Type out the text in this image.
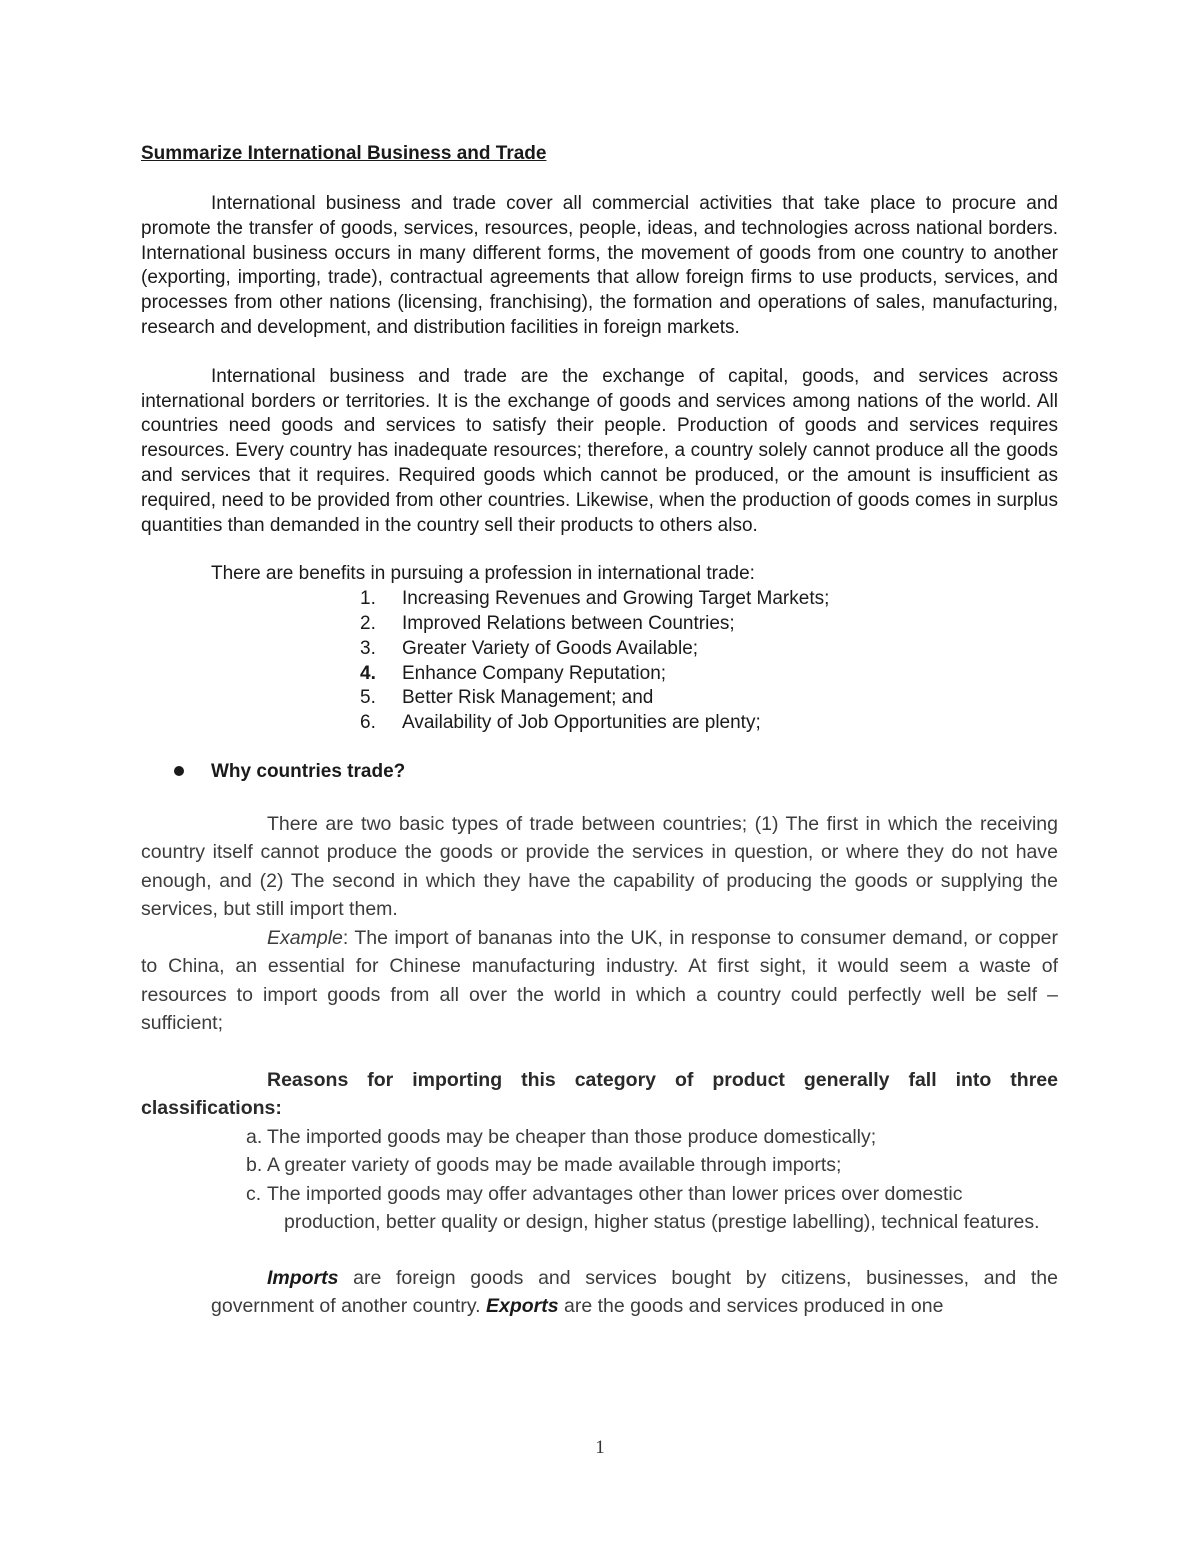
Summarize International Business and Trade

International business and trade cover all commercial activities that take place to procure and promote the transfer of goods, services, resources, people, ideas, and technologies across national borders. International business occurs in many different forms, the movement of goods from one country to another (exporting, importing, trade), contractual agreements that allow foreign firms to use products, services, and processes from other nations (licensing, franchising), the formation and operations of sales, manufacturing, research and development, and distribution facilities in foreign markets.

International business and trade are the exchange of capital, goods, and services across international borders or territories. It is the exchange of goods and services among nations of the world. All countries need goods and services to satisfy their people. Production of goods and services requires resources. Every country has inadequate resources; therefore, a country solely cannot produce all the goods and services that it requires. Required goods which cannot be produced, or the amount is insufficient as required, need to be provided from other countries. Likewise, when the production of goods comes in surplus quantities than demanded in the country sell their products to others also.

There are benefits in pursuing a profession in international trade:
1. Increasing Revenues and Growing Target Markets;
2. Improved Relations between Countries;
3. Greater Variety of Goods Available;
4. Enhance Company Reputation;
5. Better Risk Management; and
6. Availability of Job Opportunities are plenty;
Why countries trade?

There are two basic types of trade between countries; (1) The first in which the receiving country itself cannot produce the goods or provide the services in question, or where they do not have enough, and (2) The second in which they have the capability of producing the goods or supplying the services, but still import them.

Example: The import of bananas into the UK, in response to consumer demand, or copper to China, an essential for Chinese manufacturing industry. At first sight, it would seem a waste of resources to import goods from all over the world in which a country could perfectly well be self – sufficient;

Reasons for importing this category of product generally fall into three classifications:

a. The imported goods may be cheaper than those produce domestically;
b. A greater variety of goods may be made available through imports;
c. The imported goods may offer advantages other than lower prices over domestic
production, better quality or design, higher status (prestige labelling), technical features.

Imports are foreign goods and services bought by citizens, businesses, and the government of another country. Exports are the goods and services produced in one

1
